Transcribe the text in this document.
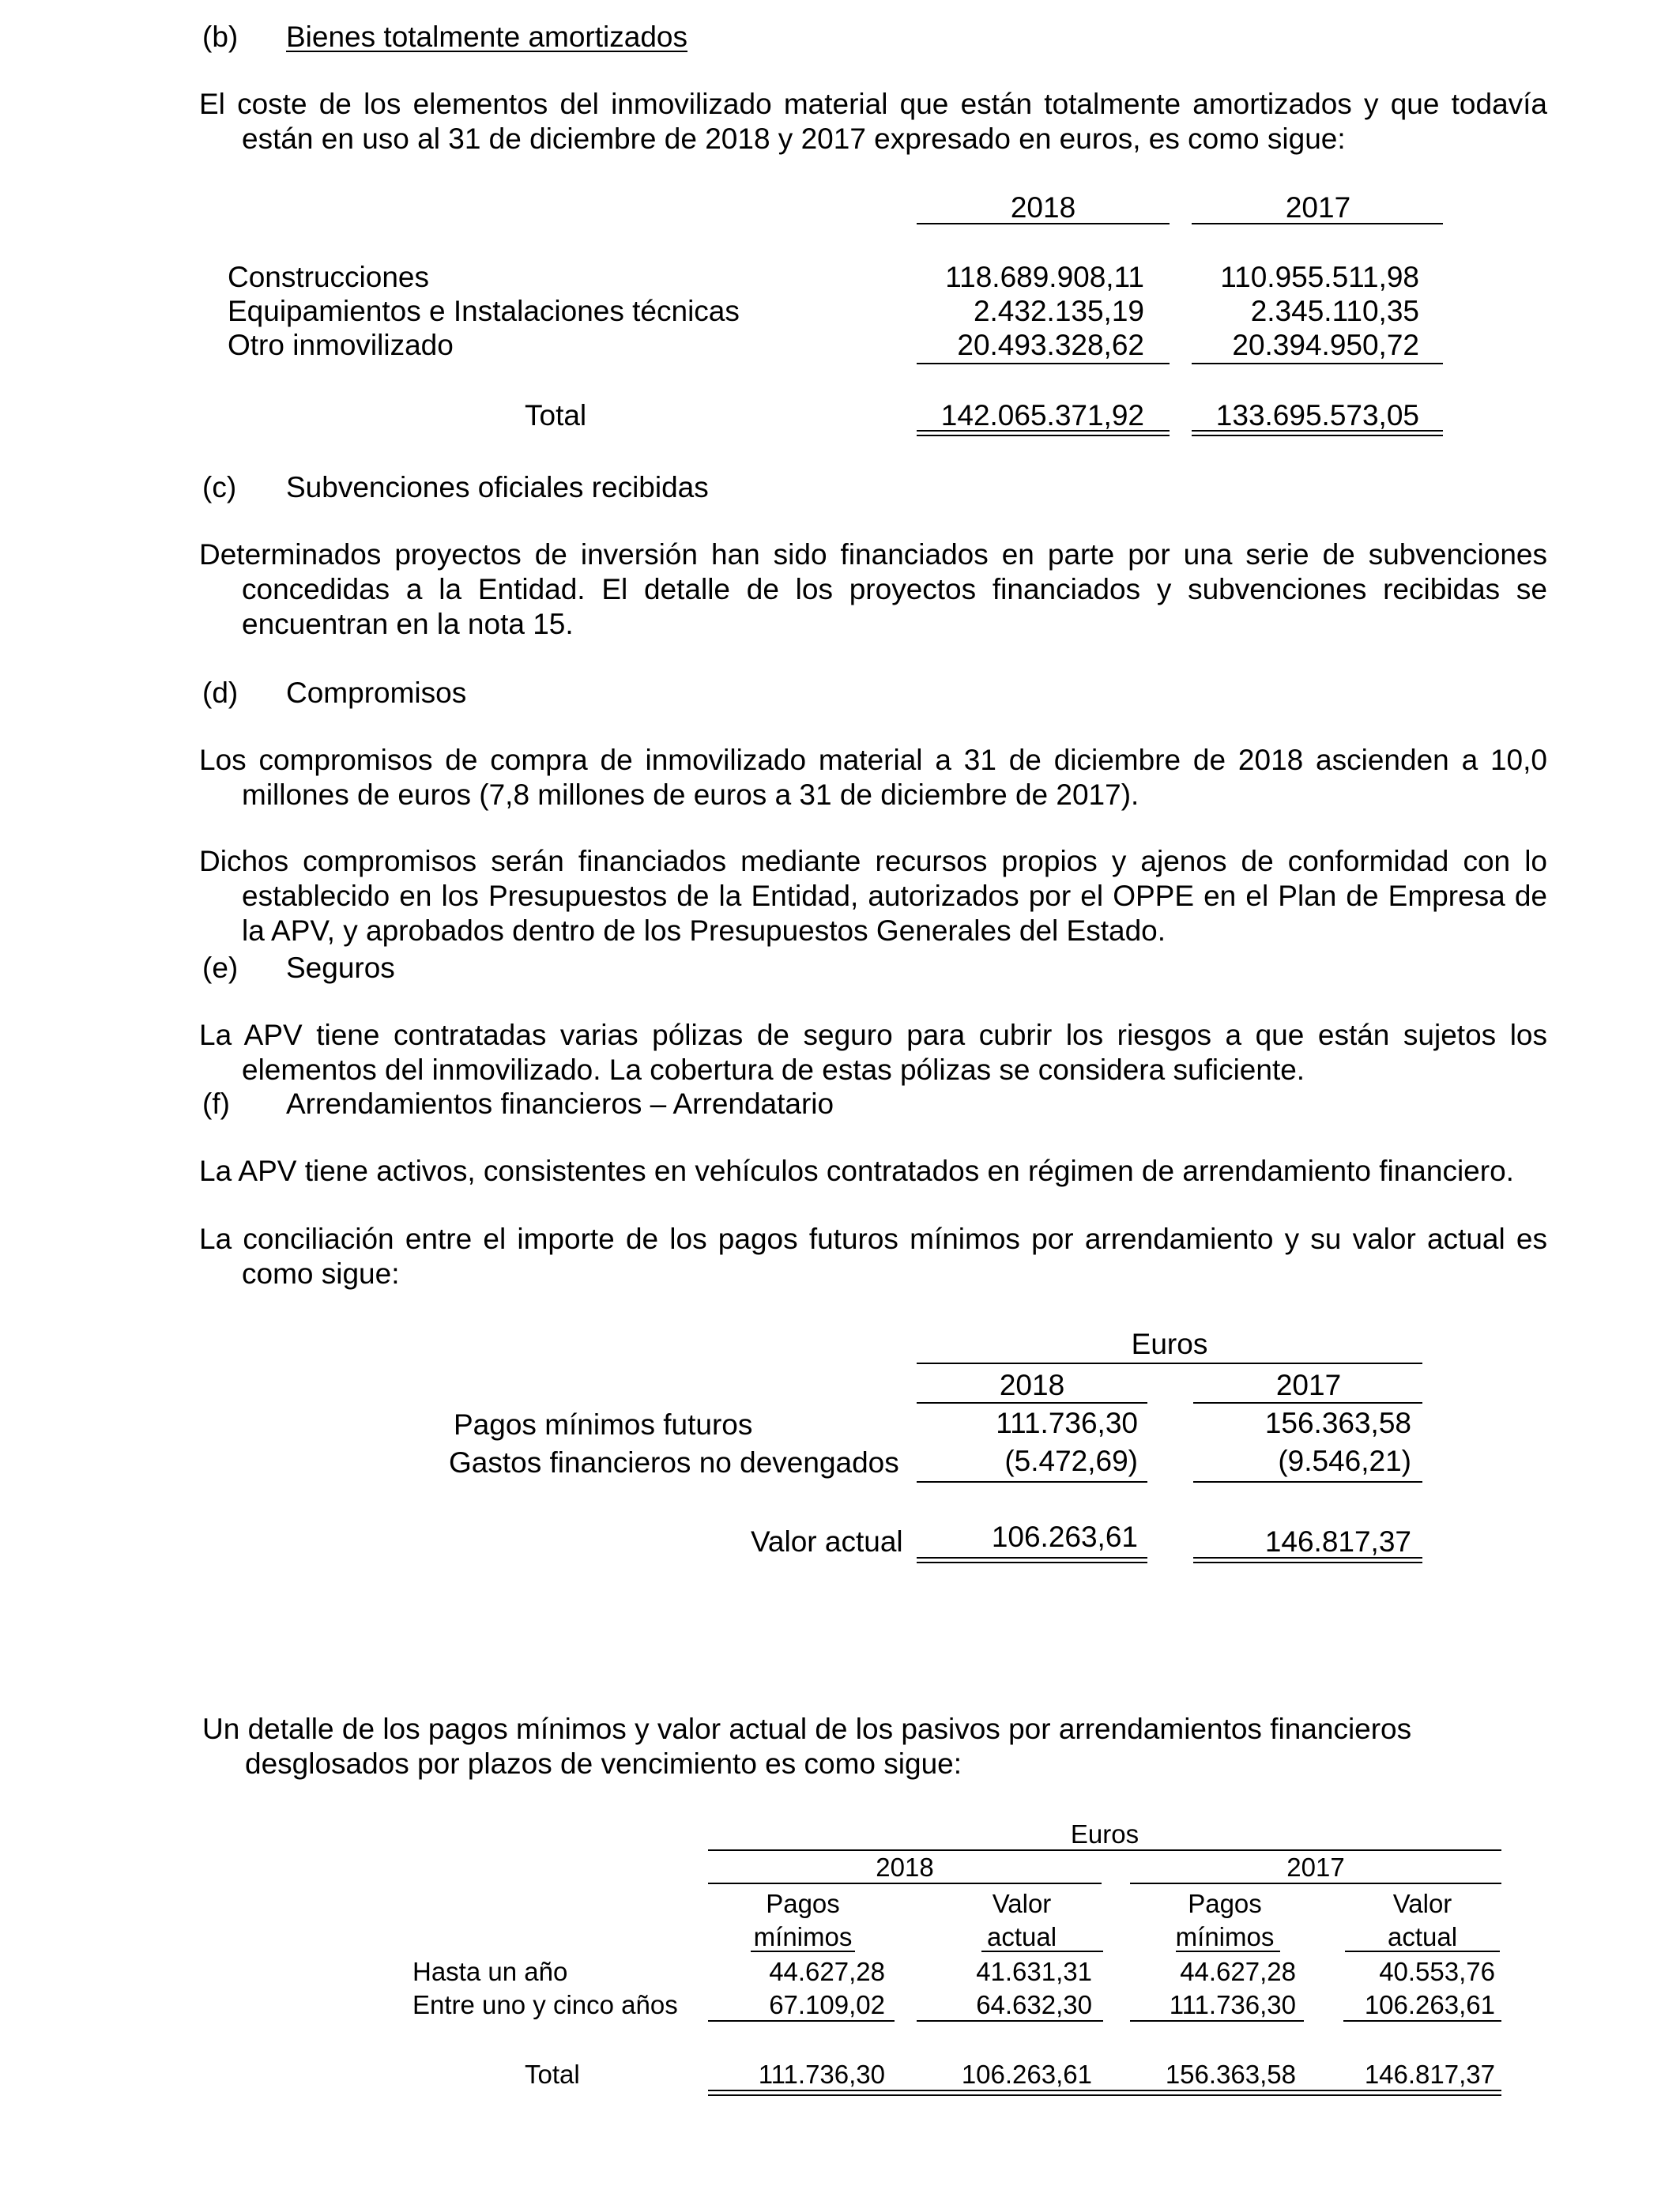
(b) Bienes totalmente amortizados
El coste de los elementos del inmovilizado material que están totalmente amortizados y que todavía
están en uso al 31 de diciembre de 2018 y 2017 expresado en euros, es como sigue:
2018	2017
Construcciones	118.689.908,11	110.955.511,98
Equipamientos e Instalaciones técnicas	2.432.135,19	2.345.110,35
Otro inmovilizado	20.493.328,62	20.394.950,72
Total	142.065.371,92	133.695.573,05
(c) Subvenciones oficiales recibidas
Determinados proyectos de inversión han sido financiados en parte por una serie de subvenciones
concedidas a la Entidad. El detalle de los proyectos financiados y subvenciones recibidas se
encuentran en la nota 15.
(d) Compromisos
Los compromisos de compra de inmovilizado material a 31 de diciembre de 2018 ascienden a 10,0
millones de euros (7,8 millones de euros a 31 de diciembre de 2017).
Dichos compromisos serán financiados mediante recursos propios y ajenos de conformidad con lo
establecido en los Presupuestos de la Entidad, autorizados por el OPPE en el Plan de Empresa de
la APV, y aprobados dentro de los Presupuestos Generales del Estado.
(e) Seguros
La APV tiene contratadas varias pólizas de seguro para cubrir los riesgos a que están sujetos los
elementos del inmovilizado. La cobertura de estas pólizas se considera suficiente.
(f) Arrendamientos financieros – Arrendatario
La APV tiene activos, consistentes en vehículos contratados en régimen de arrendamiento financiero.
La conciliación entre el importe de los pagos futuros mínimos por arrendamiento y su valor actual es
como sigue:
Euros
2018	2017
Pagos mínimos futuros	111.736,30	156.363,58
Gastos financieros no devengados	(5.472,69)	(9.546,21)
Valor actual	106.263,61	146.817,37
Un detalle de los pagos mínimos y valor actual de los pasivos por arrendamientos financieros
desglosados por plazos de vencimiento es como sigue:
Euros
2018	2017
Pagos	Valor	Pagos	Valor
mínimos	actual	mínimos	actual
Hasta un año	44.627,28	41.631,31	44.627,28	40.553,76
Entre uno y cinco años	67.109,02	64.632,30	111.736,30	106.263,61
Total	111.736,30	106.263,61	156.363,58	146.817,37
